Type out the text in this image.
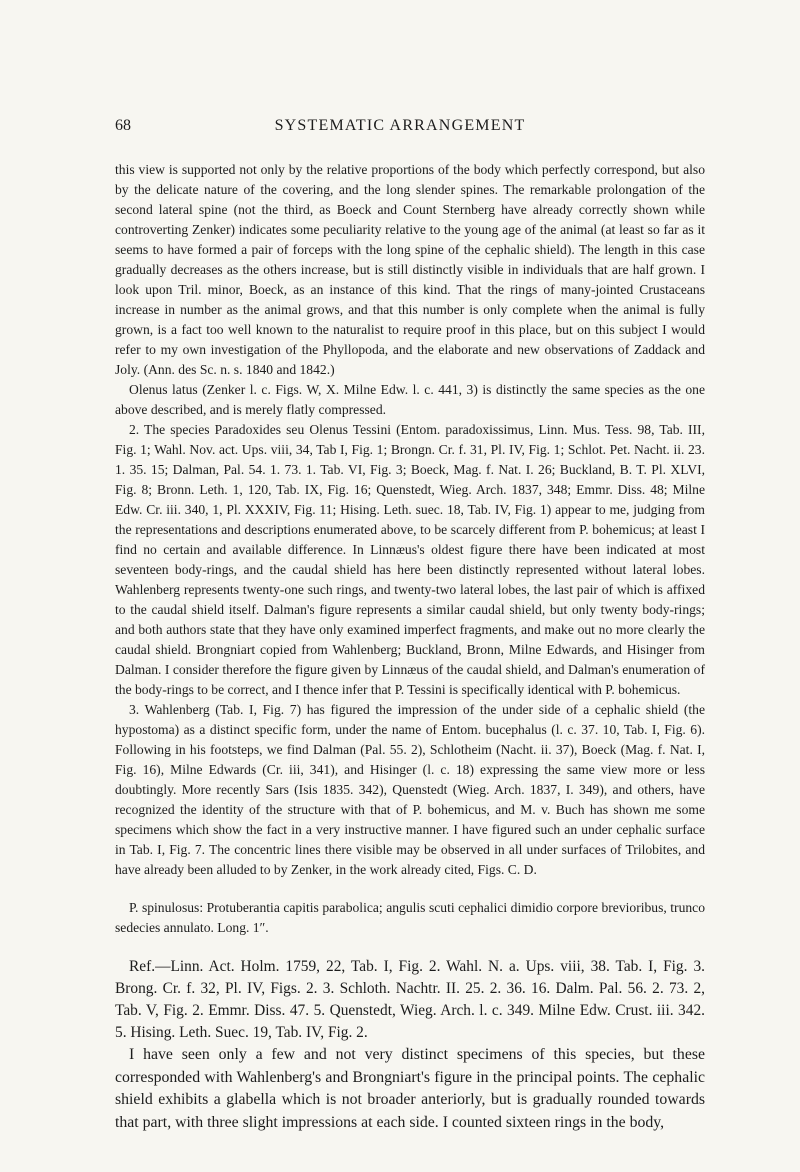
68	SYSTEMATIC ARRANGEMENT

this view is supported not only by the relative proportions of the body which perfectly correspond, but also by the delicate nature of the covering, and the long slender spines. The remarkable prolongation of the second lateral spine (not the third, as Boeck and Count Sternberg have already correctly shown while controverting Zenker) indicates some peculiarity relative to the young age of the animal (at least so far as it seems to have formed a pair of forceps with the long spine of the cephalic shield). The length in this case gradually decreases as the others increase, but is still distinctly visible in individuals that are half grown. I look upon Tril. minor, Boeck, as an instance of this kind. That the rings of many-jointed Crustaceans increase in number as the animal grows, and that this number is only complete when the animal is fully grown, is a fact too well known to the naturalist to require proof in this place, but on this subject I would refer to my own investigation of the Phyllopoda, and the elaborate and new observations of Zaddack and Joly. (Ann. des Sc. n. s. 1840 and 1842.)

Olenus latus (Zenker l. c. Figs. W, X. Milne Edw. l. c. 441, 3) is distinctly the same species as the one above described, and is merely flatly compressed.

2. The species Paradoxides seu Olenus Tessini (Entom. paradoxissimus, Linn. Mus. Tess. 98, Tab. III, Fig. 1; Wahl. Nov. act. Ups. viii, 34, Tab I, Fig. 1; Brongn. Cr. f. 31, Pl. IV, Fig. 1; Schlot. Pet. Nacht. ii. 23. 1. 35. 15; Dalman, Pal. 54. 1. 73. 1. Tab. VI, Fig. 3; Boeck, Mag. f. Nat. I. 26; Buckland, B. T. Pl. XLVI, Fig. 8; Bronn. Leth. 1, 120, Tab. IX, Fig. 16; Quenstedt, Wieg. Arch. 1837, 348; Emmr. Diss. 48; Milne Edw. Cr. iii. 340, 1, Pl. XXXIV, Fig. 11; Hising. Leth. suec. 18, Tab. IV, Fig. 1) appear to me, judging from the representations and descriptions enumerated above, to be scarcely different from P. bohemicus; at least I find no certain and available difference. In Linnæus's oldest figure there have been indicated at most seventeen body-rings, and the caudal shield has here been distinctly represented without lateral lobes. Wahlenberg represents twenty-one such rings, and twenty-two lateral lobes, the last pair of which is affixed to the caudal shield itself. Dalman's figure represents a similar caudal shield, but only twenty body-rings; and both authors state that they have only examined imperfect fragments, and make out no more clearly the caudal shield. Brongniart copied from Wahlenberg; Buckland, Bronn, Milne Edwards, and Hisinger from Dalman. I consider therefore the figure given by Linnæus of the caudal shield, and Dalman's enumeration of the body-rings to be correct, and I thence infer that P. Tessini is specifically identical with P. bohemicus.

3. Wahlenberg (Tab. I, Fig. 7) has figured the impression of the under side of a cephalic shield (the hypostoma) as a distinct specific form, under the name of Entom. bucephalus (l. c. 37. 10, Tab. I, Fig. 6). Following in his footsteps, we find Dalman (Pal. 55. 2), Schlotheim (Nacht. ii. 37), Boeck (Mag. f. Nat. I, Fig. 16), Milne Edwards (Cr. iii, 341), and Hisinger (l. c. 18) expressing the same view more or less doubtingly. More recently Sars (Isis 1835. 342), Quenstedt (Wieg. Arch. 1837, I. 349), and others, have recognized the identity of the structure with that of P. bohemicus, and M. v. Buch has shown me some specimens which show the fact in a very instructive manner. I have figured such an under cephalic surface in Tab. I, Fig. 7. The concentric lines there visible may be observed in all under surfaces of Trilobites, and have already been alluded to by Zenker, in the work already cited, Figs. C. D.

P. spinulosus: Protuberantia capitis parabolica; angulis scuti cephalici dimidio corpore brevioribus, trunco sedecies annulato. Long. 1″.

Ref.—Linn. Act. Holm. 1759, 22, Tab. I, Fig. 2. Wahl. N. a. Ups. viii, 38. Tab. I, Fig. 3. Brong. Cr. f. 32, Pl. IV, Figs. 2. 3. Schloth. Nachtr. II. 25. 2. 36. 16. Dalm. Pal. 56. 2. 73. 2, Tab. V, Fig. 2. Emmr. Diss. 47. 5. Quenstedt, Wieg. Arch. l. c. 349. Milne Edw. Crust. iii. 342. 5. Hising. Leth. Suec. 19, Tab. IV, Fig. 2.

I have seen only a few and not very distinct specimens of this species, but these corresponded with Wahlenberg's and Brongniart's figure in the principal points. The cephalic shield exhibits a glabella which is not broader anteriorly, but is gradually rounded towards that part, with three slight impressions at each side. I counted sixteen rings in the body,
